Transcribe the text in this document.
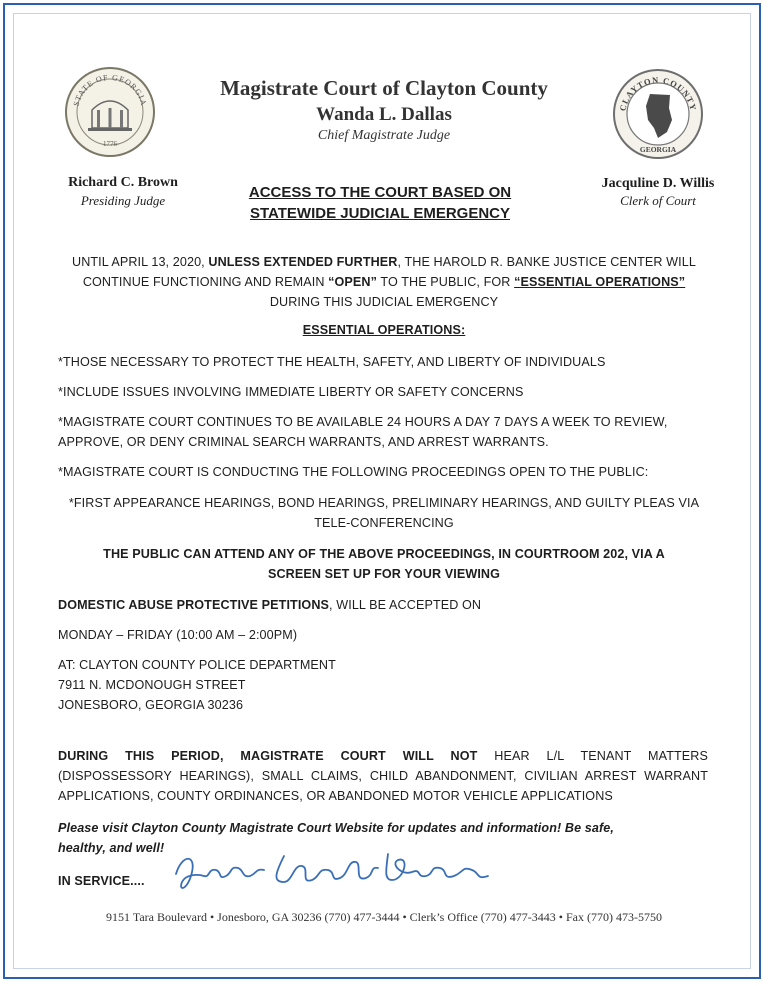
STATE OF GEORGIA
1776
CLAYTON COUNTY
GEORGIA
Magistrate Court of Clayton County
Wanda L. Dallas
Chief Magistrate Judge
Richard C. Brown
Presiding Judge
Jacquline D. Willis
Clerk of Court
ACCESS TO THE COURT BASED ON
STATEWIDE JUDICIAL EMERGENCY
UNTIL APRIL 13, 2020, UNLESS EXTENDED FURTHER, THE HAROLD R. BANKE JUSTICE CENTER WILL
CONTINUE FUNCTIONING AND REMAIN “OPEN” TO THE PUBLIC, FOR “ESSENTIAL OPERATIONS”
DURING THIS JUDICIAL EMERGENCY
ESSENTIAL OPERATIONS:
*THOSE NECESSARY TO PROTECT THE HEALTH, SAFETY, AND LIBERTY OF INDIVIDUALS
*INCLUDE ISSUES INVOLVING IMMEDIATE LIBERTY OR SAFETY CONCERNS
*MAGISTRATE COURT CONTINUES TO BE AVAILABLE 24 HOURS A DAY 7 DAYS A WEEK TO REVIEW,
APPROVE, OR DENY CRIMINAL SEARCH WARRANTS, AND ARREST WARRANTS.
*MAGISTRATE COURT IS CONDUCTING THE FOLLOWING PROCEEDINGS OPEN TO THE PUBLIC:
*FIRST APPEARANCE HEARINGS, BOND HEARINGS, PRELIMINARY HEARINGS, AND GUILTY PLEAS VIA
TELE-CONFERENCING
THE PUBLIC CAN ATTEND ANY OF THE ABOVE PROCEEDINGS, IN COURTROOM 202, VIA A
SCREEN SET UP FOR YOUR VIEWING
DOMESTIC ABUSE PROTECTIVE PETITIONS, WILL BE ACCEPTED ON
MONDAY – FRIDAY (10:00 AM – 2:00PM)
AT: CLAYTON COUNTY POLICE DEPARTMENT
7911 N. MCDONOUGH STREET
JONESBORO, GEORGIA 30236
DURING THIS PERIOD, MAGISTRATE COURT WILL NOT HEAR L/L TENANT MATTERS
(DISPOSSESSORY HEARINGS), SMALL CLAIMS, CHILD ABANDONMENT, CIVILIAN ARREST WARRANT
APPLICATIONS, COUNTY ORDINANCES, OR ABANDONED MOTOR VEHICLE APPLICATIONS
Please visit Clayton County Magistrate Court Website for updates and information! Be safe,
healthy, and well!
IN SERVICE....
Judge Wanda Dallas
9151 Tara Boulevard • Jonesboro, GA 30236 (770) 477-3444 • Clerk’s Office (770) 477-3443 • Fax (770) 473-5750
